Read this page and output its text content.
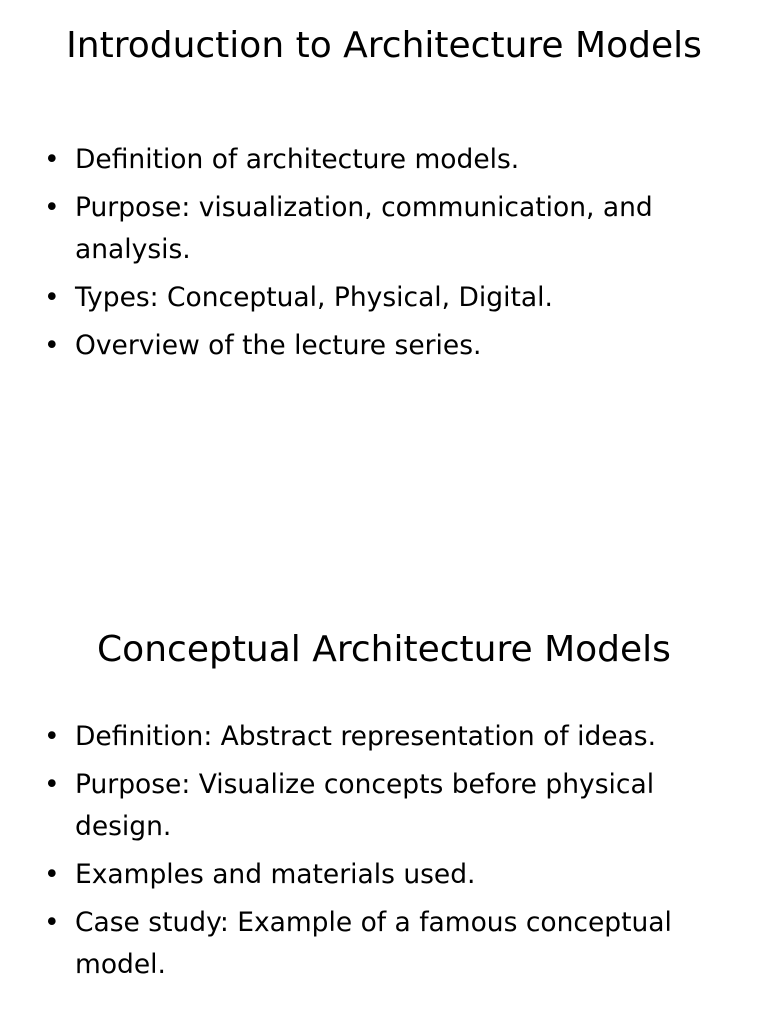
Introduction to Architecture Models
• Definition of architecture models.
• Purpose: visualization, communication, and analysis.
• Types: Conceptual, Physical, Digital.
• Overview of the lecture series.
Conceptual Architecture Models
• Definition: Abstract representation of ideas.
• Purpose: Visualize concepts before physical design.
• Examples and materials used.
• Case study: Example of a famous conceptual model.
